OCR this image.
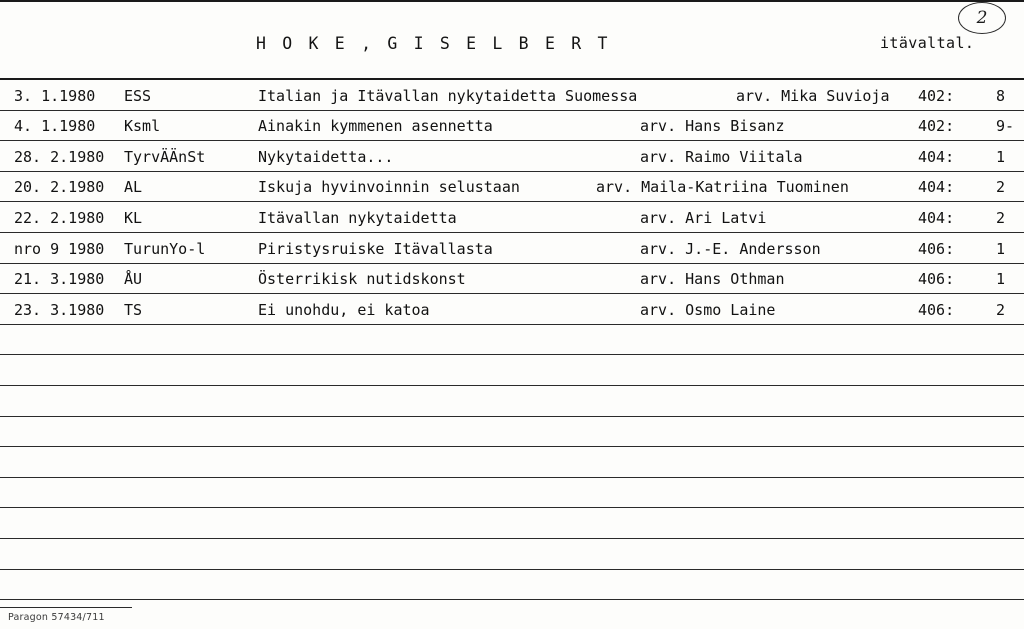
2
H O K E , G I S E L B E R T	itävaltal.
3. 1.1980 ESS	Italian ja Itävallan nykytaidetta Suomessa	arv. Mika Suvioja 402:	8
4. 1.1980 Ksml	Ainakin kymmenen asennetta	arv. Hans Bisanz	402:	9-
28. 2.1980 TyrvÄÄnSt	Nykytaidetta...	arv. Raimo Viitala	404:	1
20. 2.1980 AL	Iskuja hyvinvoinnin selustaan	arv. Maila-Katriina Tuominen	404:	2
22. 2.1980 KL	Itävallan nykytaidetta	arv. Ari Latvi	404:	2
nro 9 1980 TurunYo-l	Piristysruiske Itävallasta	arv. J.-E. Andersson	406:	1
21. 3.1980 ÅU	Österrikisk nutidskonst	arv. Hans Othman	406:	1
23. 3.1980 TS	Ei unohdu, ei katoa	arv. Osmo Laine	406:	2
Paragon 57434/711
